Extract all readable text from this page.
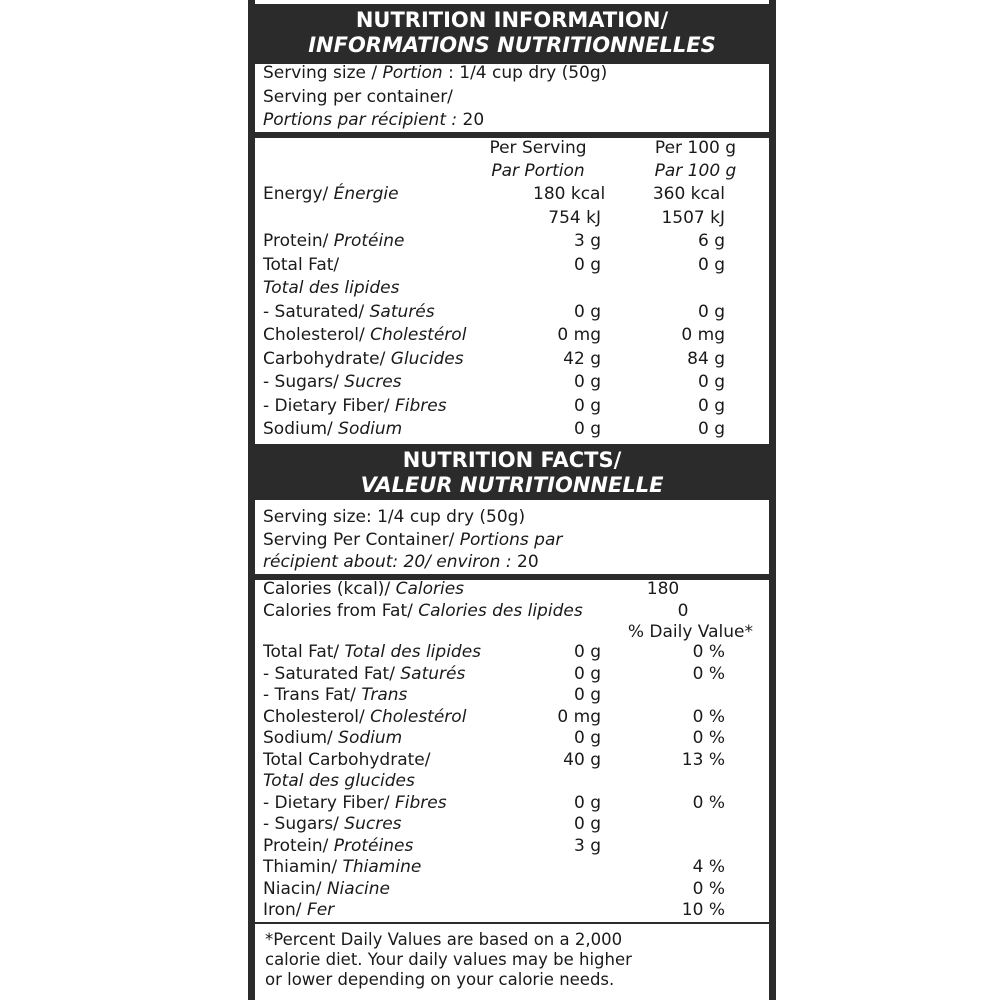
NUTRITION INFORMATION/
INFORMATIONS NUTRITIONNELLES
Serving size / Portion : 1/4 cup dry (50g)
Serving per container/
Portions par récipient : 20
Per Serving	Per 100 g
Par Portion	Par 100 g
Energy/ Énergie	180 kcal	360 kcal
754 kJ	1507 kJ
Protein/ Protéine	3 g	6 g
Total Fat/	0 g	0 g
Total des lipides
- Saturated/ Saturés	0 g	0 g
Cholesterol/ Cholestérol	0 mg	0 mg
Carbohydrate/ Glucides	42 g	84 g
- Sugars/ Sucres	0 g	0 g
- Dietary Fiber/ Fibres	0 g	0 g
Sodium/ Sodium	0 g	0 g
NUTRITION FACTS/
VALEUR NUTRITIONNELLE
Serving size: 1/4 cup dry (50g)
Serving Per Container/ Portions par
récipient about: 20/ environ : 20
Calories (kcal)/ Calories	180
Calories from Fat/ Calories des lipides	0
% Daily Value*
Total Fat/ Total des lipides	0 g	0 %
- Saturated Fat/ Saturés	0 g	0 %
- Trans Fat/ Trans	0 g
Cholesterol/ Cholestérol	0 mg	0 %
Sodium/ Sodium	0 g	0 %
Total Carbohydrate/	40 g	13 %
Total des glucides
- Dietary Fiber/ Fibres	0 g	0 %
- Sugars/ Sucres	0 g
Protein/ Protéines	3 g
Thiamin/ Thiamine	4 %
Niacin/ Niacine	0 %
Iron/ Fer	10 %
*Percent Daily Values are based on a 2,000
calorie diet. Your daily values may be higher
or lower depending on your calorie needs.
